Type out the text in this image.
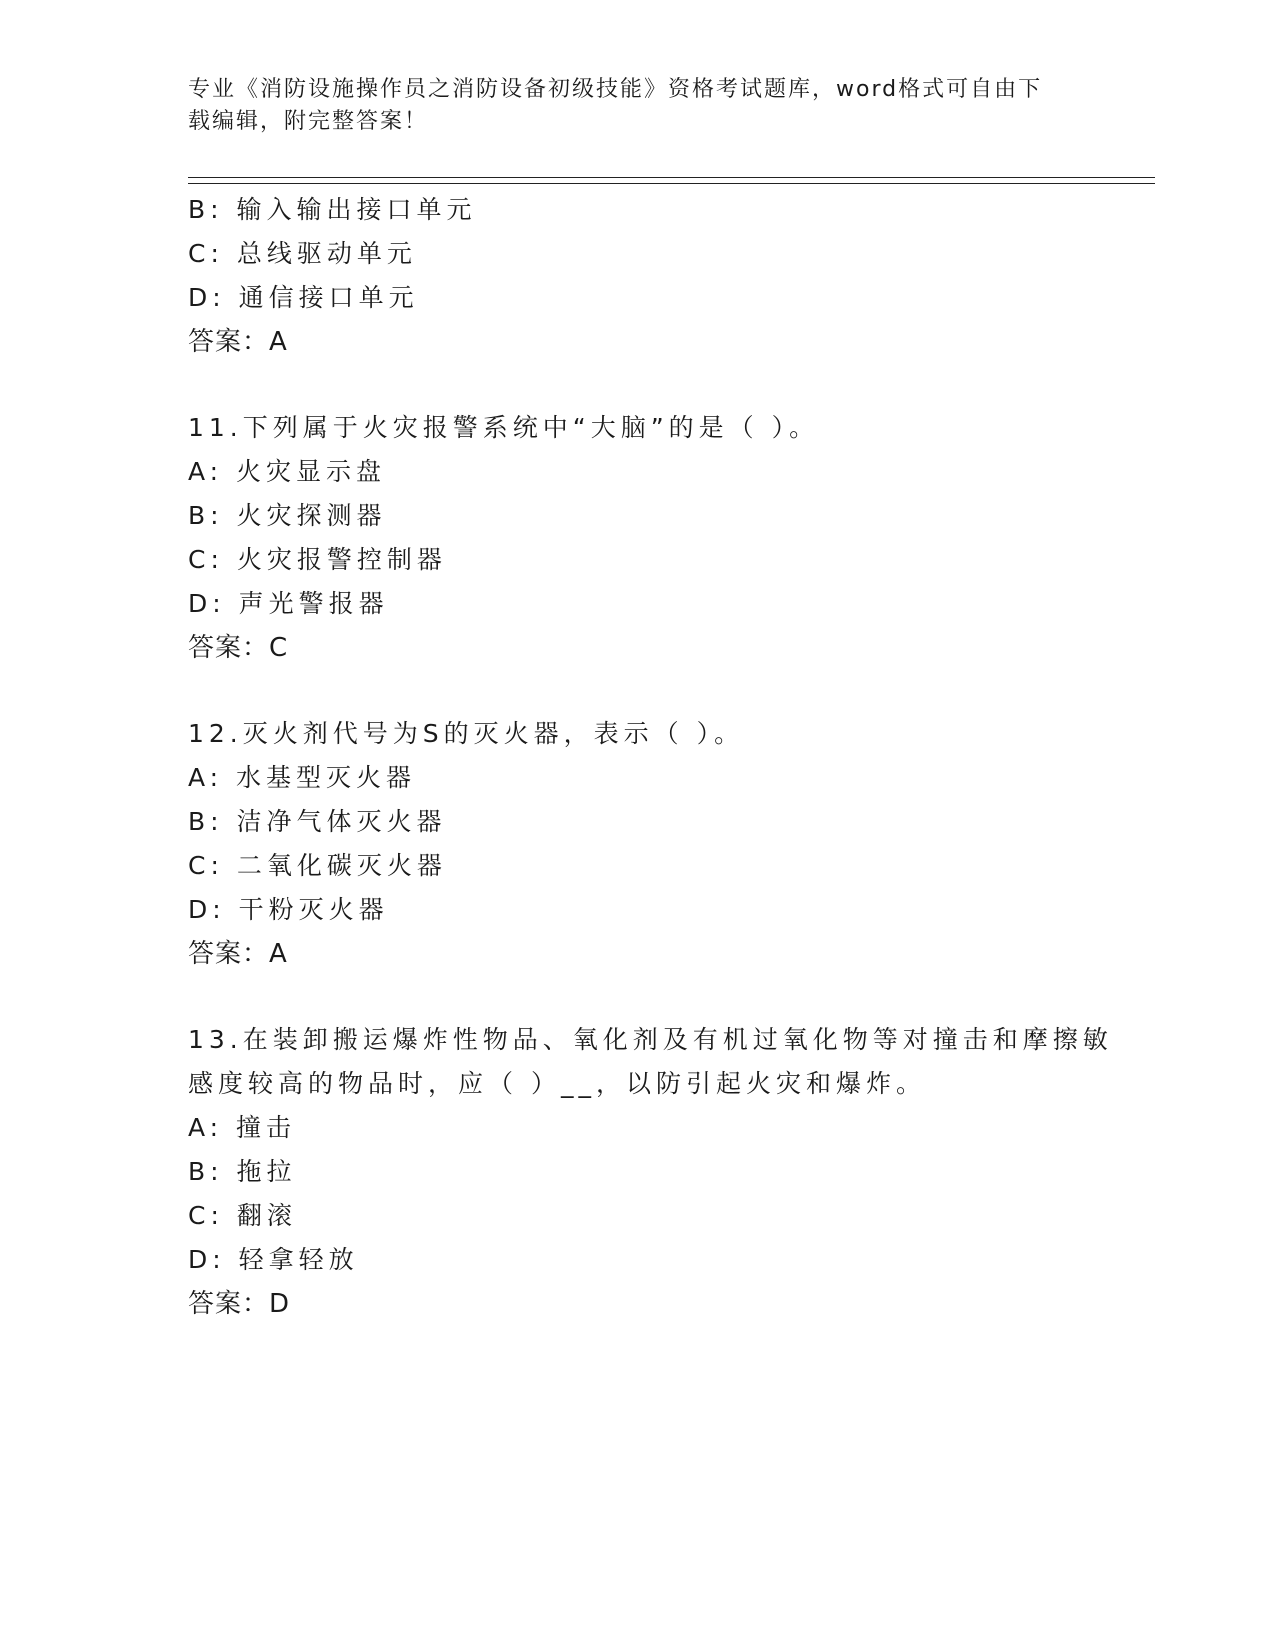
专业《消防设施操作员之消防设备初级技能》资格考试题库，word格式可自由下
载编辑，附完整答案！
B: 输入输出接口单元
C: 总线驱动单元
D: 通信接口单元
答案：A
11.下列属于火灾报警系统中“大脑”的是（ ）。
A: 火灾显示盘
B: 火灾探测器
C: 火灾报警控制器
D: 声光警报器
答案：C
12.灭火剂代号为S的灭火器，表示（ ）。
A: 水基型灭火器
B: 洁净气体灭火器
C: 二氧化碳灭火器
D: 干粉灭火器
答案：A
13.在装卸搬运爆炸性物品、氧化剂及有机过氧化物等对撞击和摩擦敏
感度较高的物品时，应（ ）__，以防引起火灾和爆炸。
A: 撞击
B: 拖拉
C: 翻滚
D: 轻拿轻放
答案：D
